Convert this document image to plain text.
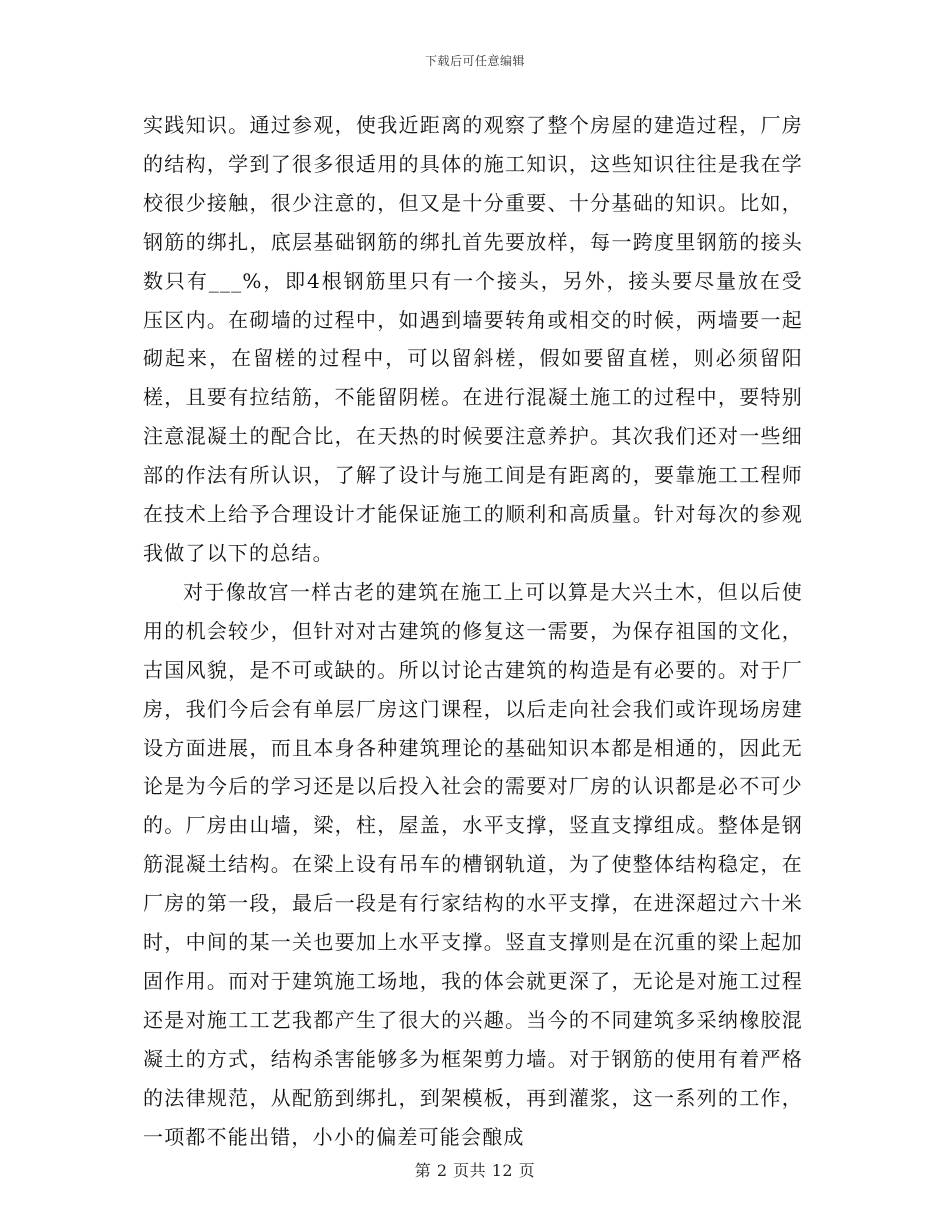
下载后可任意编辑

实践知识。通过参观，使我近距离的观察了整个房屋的建造过程，厂房的结构，学到了很多很适用的具体的施工知识，这些知识往往是我在学校很少接触，很少注意的，但又是十分重要、十分基础的知识。比如，钢筋的绑扎，底层基础钢筋的绑扎首先要放样，每一跨度里钢筋的接头数只有___%，即4根钢筋里只有一个接头，另外，接头要尽量放在受压区内。在砌墙的过程中，如遇到墙要转角或相交的时候，两墙要一起砌起来，在留槎的过程中，可以留斜槎，假如要留直槎，则必须留阳槎，且要有拉结筋，不能留阴槎。在进行混凝土施工的过程中，要特别注意混凝土的配合比，在天热的时候要注意养护。其次我们还对一些细部的作法有所认识，了解了设计与施工间是有距离的，要靠施工工程师在技术上给予合理设计才能保证施工的顺利和高质量。针对每次的参观我做了以下的总结。

对于像故宫一样古老的建筑在施工上可以算是大兴土木，但以后使用的机会较少，但针对对古建筑的修复这一需要，为保存祖国的文化，古国风貌，是不可或缺的。所以讨论古建筑的构造是有必要的。对于厂房，我们今后会有单层厂房这门课程，以后走向社会我们或许现场房建设方面进展，而且本身各种建筑理论的基础知识本都是相通的，因此无论是为今后的学习还是以后投入社会的需要对厂房的认识都是必不可少的。厂房由山墙，梁，柱，屋盖，水平支撑，竖直支撑组成。整体是钢筋混凝土结构。在梁上设有吊车的槽钢轨道，为了使整体结构稳定，在厂房的第一段，最后一段是有行家结构的水平支撑，在进深超过六十米时，中间的某一关也要加上水平支撑。竖直支撑则是在沉重的梁上起加固作用。而对于建筑施工场地，我的体会就更深了，无论是对施工过程还是对施工工艺我都产生了很大的兴趣。当今的不同建筑多采纳橡胶混凝土的方式，结构杀害能够多为框架剪力墙。对于钢筋的使用有着严格的法律规范，从配筋到绑扎，到架模板，再到灌浆，这一系列的工作，一项都不能出错，小小的偏差可能会酿成

第 2 页共 12 页
